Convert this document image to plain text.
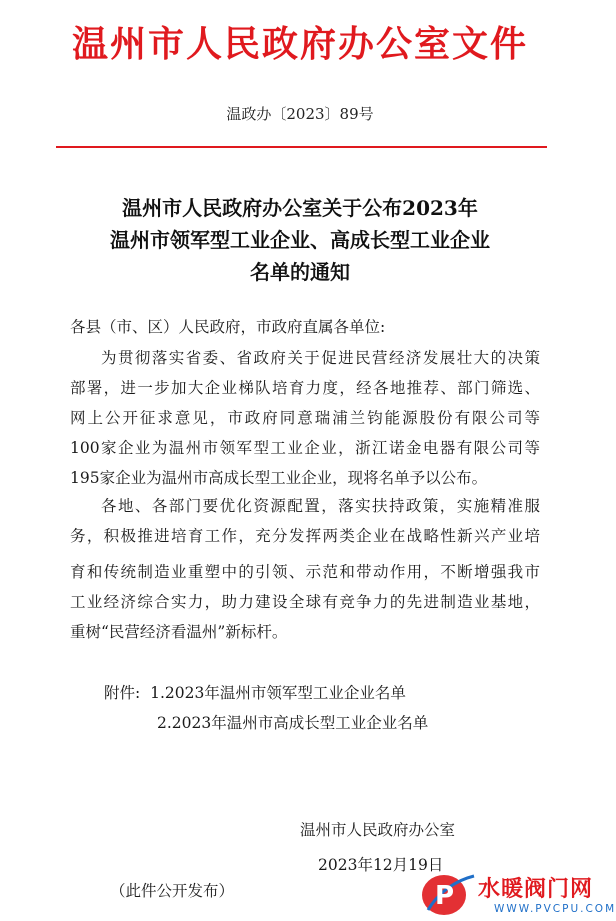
温州市人民政府办公室文件
温政办〔2023〕89号
温州市人民政府办公室关于公布2023年
温州市领军型工业企业、高成长型工业企业
名单的通知
各县（市、区）人民政府，市政府直属各单位:
为贯彻落实省委、省政府关于促进民营经济发展壮大的决策
部署，进一步加大企业梯队培育力度，经各地推荐、部门筛选、
网上公开征求意见，市政府同意瑞浦兰钧能源股份有限公司等
100家企业为温州市领军型工业企业，浙江诺金电器有限公司等
195家企业为温州市高成长型工业企业，现将名单予以公布。
各地、各部门要优化资源配置，落实扶持政策，实施精准服
务，积极推进培育工作，充分发挥两类企业在战略性新兴产业培
育和传统制造业重塑中的引领、示范和带动作用，不断增强我市
工业经济综合实力，助力建设全球有竞争力的先进制造业基地，
重树“民营经济看温州”新标杆。
附件: 1.2023年温州市领军型工业企业名单
2.2023年温州市高成长型工业企业名单
温州市人民政府办公室
2023年12月19日
（此件公开发布）	P 水暖阀门网
WWW.PVCPU.COM
